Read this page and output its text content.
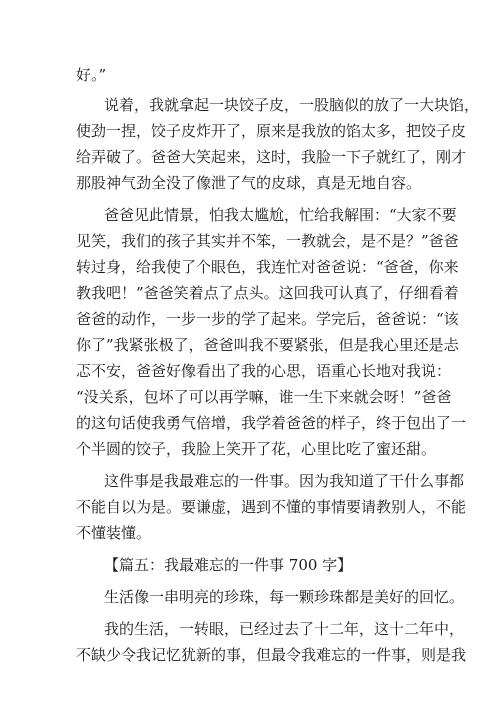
好。”
说着，我就拿起一块饺子皮，一股脑似的放了一大块馅，
使劲一捏，饺子皮炸开了，原来是我放的馅太多，把饺子皮
给弄破了。爸爸大笑起来，这时，我脸一下子就红了，刚才
那股神气劲全没了像泄了气的皮球，真是无地自容。
爸爸见此情景，怕我太尴尬，忙给我解围：“大家不要
见笑，我们的孩子其实并不笨，一教就会，是不是？”爸爸
转过身，给我使了个眼色，我连忙对爸爸说：“爸爸，你来
教我吧！”爸爸笑着点了点头。这回我可认真了，仔细看着
爸爸的动作，一步一步的学了起来。学完后，爸爸说：“该
你了”我紧张极了，爸爸叫我不要紧张，但是我心里还是忐
忑不安，爸爸好像看出了我的心思，语重心长地对我说：
“没关系，包坏了可以再学嘛，谁一生下来就会呀！”爸爸
的这句话使我勇气倍增，我学着爸爸的样子，终于包出了一
个半圆的饺子，我脸上笑开了花，心里比吃了蜜还甜。
这件事是我最难忘的一件事。因为我知道了干什么事都
不能自以为是。要谦虚，遇到不懂的事情要请教别人，不能
不懂装懂。
【篇五：我最难忘的一件事 700 字】
生活像一串明亮的珍珠，每一颗珍珠都是美好的回忆。
我的生活，一转眼，已经过去了十二年，这十二年中，
不缺少令我记忆犹新的事，但最令我难忘的一件事，则是我
